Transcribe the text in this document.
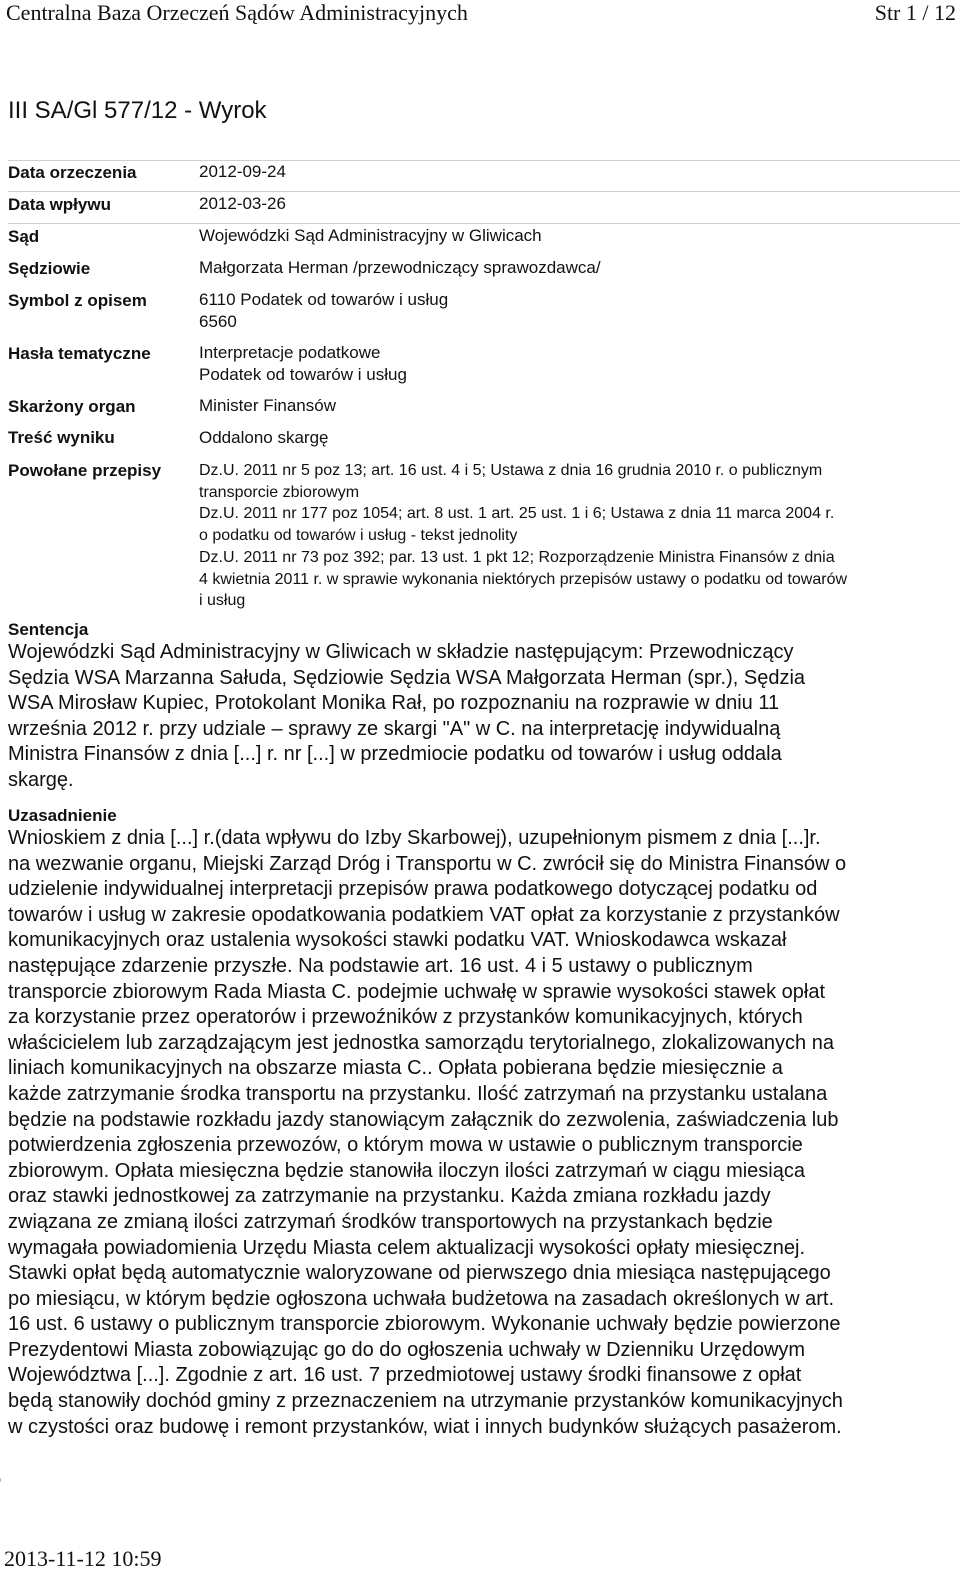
Centralna Baza Orzeczeń Sądów Administracyjnych	Str 1 / 12
III SA/Gl 577/12 - Wyrok
Data orzeczenia	2012-09-24
Data wpływu	2012-03-26
Sąd	Wojewódzki Sąd Administracyjny w Gliwicach
Sędziowie	Małgorzata Herman /przewodniczący sprawozdawca/
Symbol z opisem	6110 Podatek od towarów i usług
6560
Hasła tematyczne	Interpretacje podatkowe
Podatek od towarów i usług
Skarżony organ	Minister Finansów
Treść wyniku	Oddalono skargę
Powołane przepisy Dz.U. 2011 nr 5 poz 13; art. 16 ust. 4 i 5; Ustawa z dnia 16 grudnia 2010 r. o publicznym
transporcie zbiorowym
Dz.U. 2011 nr 177 poz 1054; art. 8 ust. 1 art. 25 ust. 1 i 6; Ustawa z dnia 11 marca 2004 r.
o podatku od towarów i usług - tekst jednolity
Dz.U. 2011 nr 73 poz 392; par. 13 ust. 1 pkt 12; Rozporządzenie Ministra Finansów z dnia
4 kwietnia 2011 r. w sprawie wykonania niektórych przepisów ustawy o podatku od towarów
i usług
Sentencja

Wojewódzki Sąd Administracyjny w Gliwicach w składzie następującym: Przewodniczący

Sędzia WSA Marzanna Sałuda, Sędziowie Sędzia WSA Małgorzata Herman (spr.), Sędzia

WSA Mirosław Kupiec, Protokolant Monika Rał, po rozpoznaniu na rozprawie w dniu 11

września 2012 r. przy udziale – sprawy ze skargi "A" w C. na interpretację indywidualną

Ministra Finansów z dnia [...] r. nr [...] w przedmiocie podatku od towarów i usług oddala

skargę.

Uzasadnienie

Wnioskiem z dnia [...] r.(data wpływu do Izby Skarbowej), uzupełnionym pismem z dnia [...]r.

na wezwanie organu, Miejski Zarząd Dróg i Transportu w C. zwrócił się do Ministra Finansów o

udzielenie indywidualnej interpretacji przepisów prawa podatkowego dotyczącej podatku od

towarów i usług w zakresie opodatkowania podatkiem VAT opłat za korzystanie z przystanków

komunikacyjnych oraz ustalenia wysokości stawki podatku VAT. Wnioskodawca wskazał

następujące zdarzenie przyszłe. Na podstawie art. 16 ust. 4 i 5 ustawy o publicznym

transporcie zbiorowym Rada Miasta C. podejmie uchwałę w sprawie wysokości stawek opłat

za korzystanie przez operatorów i przewoźników z przystanków komunikacyjnych, których

właścicielem lub zarządzającym jest jednostka samorządu terytorialnego, zlokalizowanych na

liniach komunikacyjnych na obszarze miasta C.. Opłata pobierana będzie miesięcznie a

każde zatrzymanie środka transportu na przystanku. Ilość zatrzymań na przystanku ustalana

będzie na podstawie rozkładu jazdy stanowiącym załącznik do zezwolenia, zaświadczenia lub

potwierdzenia zgłoszenia przewozów, o którym mowa w ustawie o publicznym transporcie

zbiorowym. Opłata miesięczna będzie stanowiła iloczyn ilości zatrzymań w ciągu miesiąca

oraz stawki jednostkowej za zatrzymanie na przystanku. Każda zmiana rozkładu jazdy

związana ze zmianą ilości zatrzymań środków transportowych na przystankach będzie

wymagała powiadomienia Urzędu Miasta celem aktualizacji wysokości opłaty miesięcznej.

Stawki opłat będą automatycznie waloryzowane od pierwszego dnia miesiąca następującego

po miesiącu, w którym będzie ogłoszona uchwała budżetowa na zasadach określonych w art.

16 ust. 6 ustawy o publicznym transporcie zbiorowym. Wykonanie uchwały będzie powierzone

Prezydentowi Miasta zobowiązując go do do ogłoszenia uchwały w Dzienniku Urzędowym

Województwa [...]. Zgodnie z art. 16 ust. 7 przedmiotowej ustawy środki finansowe z opłat

będą stanowiły dochód gminy z przeznaczeniem na utrzymanie przystanków komunikacyjnych

w czystości oraz budowę i remont przystanków, wiat i innych budynków służących pasażerom.

2013-11-12 10:59
